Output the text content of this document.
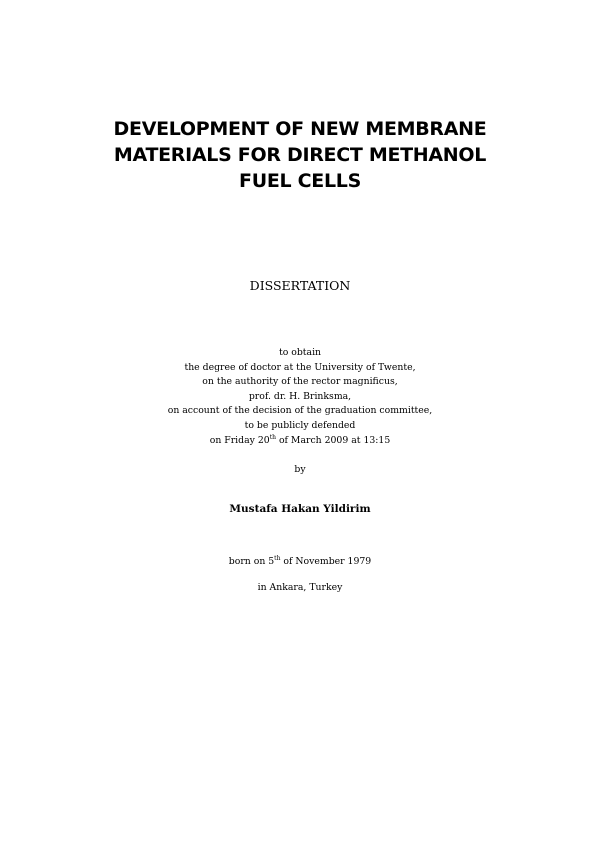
DEVELOPMENT OF NEW MEMBRANE
MATERIALS FOR DIRECT METHANOL
FUEL CELLS
DISSERTATION
to obtain
the degree of doctor at the University of Twente,
on the authority of the rector magnificus,
prof. dr. H. Brinksma,
on account of the decision of the graduation committee,
to be publicly defended
on Friday 20th of March 2009 at 13:15
by
Mustafa Hakan Yildirim
born on 5th of November 1979
in Ankara, Turkey
